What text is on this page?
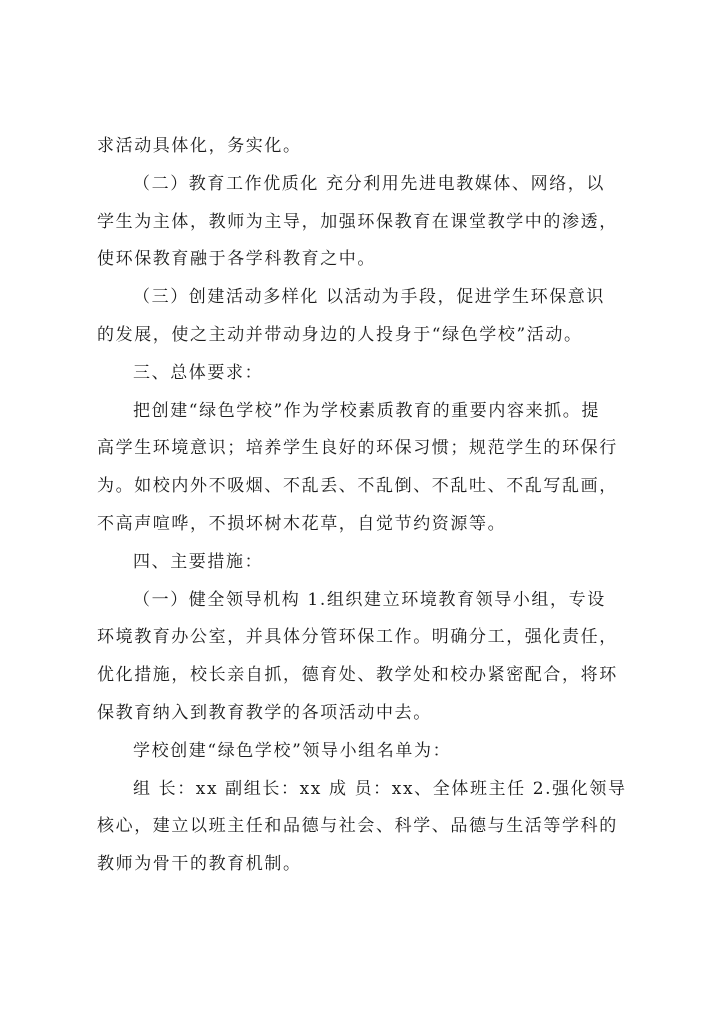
求活动具体化，务实化。

（二）教育工作优质化 充分利用先进电教媒体、网络，以

学生为主体，教师为主导，加强环保教育在课堂教学中的渗透，

使环保教育融于各学科教育之中。

（三）创建活动多样化 以活动为手段，促进学生环保意识

的发展，使之主动并带动身边的人投身于“绿色学校”活动。

三、总体要求：

把创建“绿色学校”作为学校素质教育的重要内容来抓。提

高学生环境意识；培养学生良好的环保习惯；规范学生的环保行

为。如校内外不吸烟、不乱丢、不乱倒、不乱吐、不乱写乱画，

不高声喧哗，不损坏树木花草，自觉节约资源等。

四、主要措施：

（一）健全领导机构 1.组织建立环境教育领导小组，专设

环境教育办公室，并具体分管环保工作。明确分工，强化责任，

优化措施，校长亲自抓，德育处、教学处和校办紧密配合，将环

保教育纳入到教育教学的各项活动中去。

学校创建“绿色学校”领导小组名单为：

组 长：xx 副组长：xx 成 员：xx、全体班主任 2.强化领导

核心，建立以班主任和品德与社会、科学、品德与生活等学科的

教师为骨干的教育机制。
